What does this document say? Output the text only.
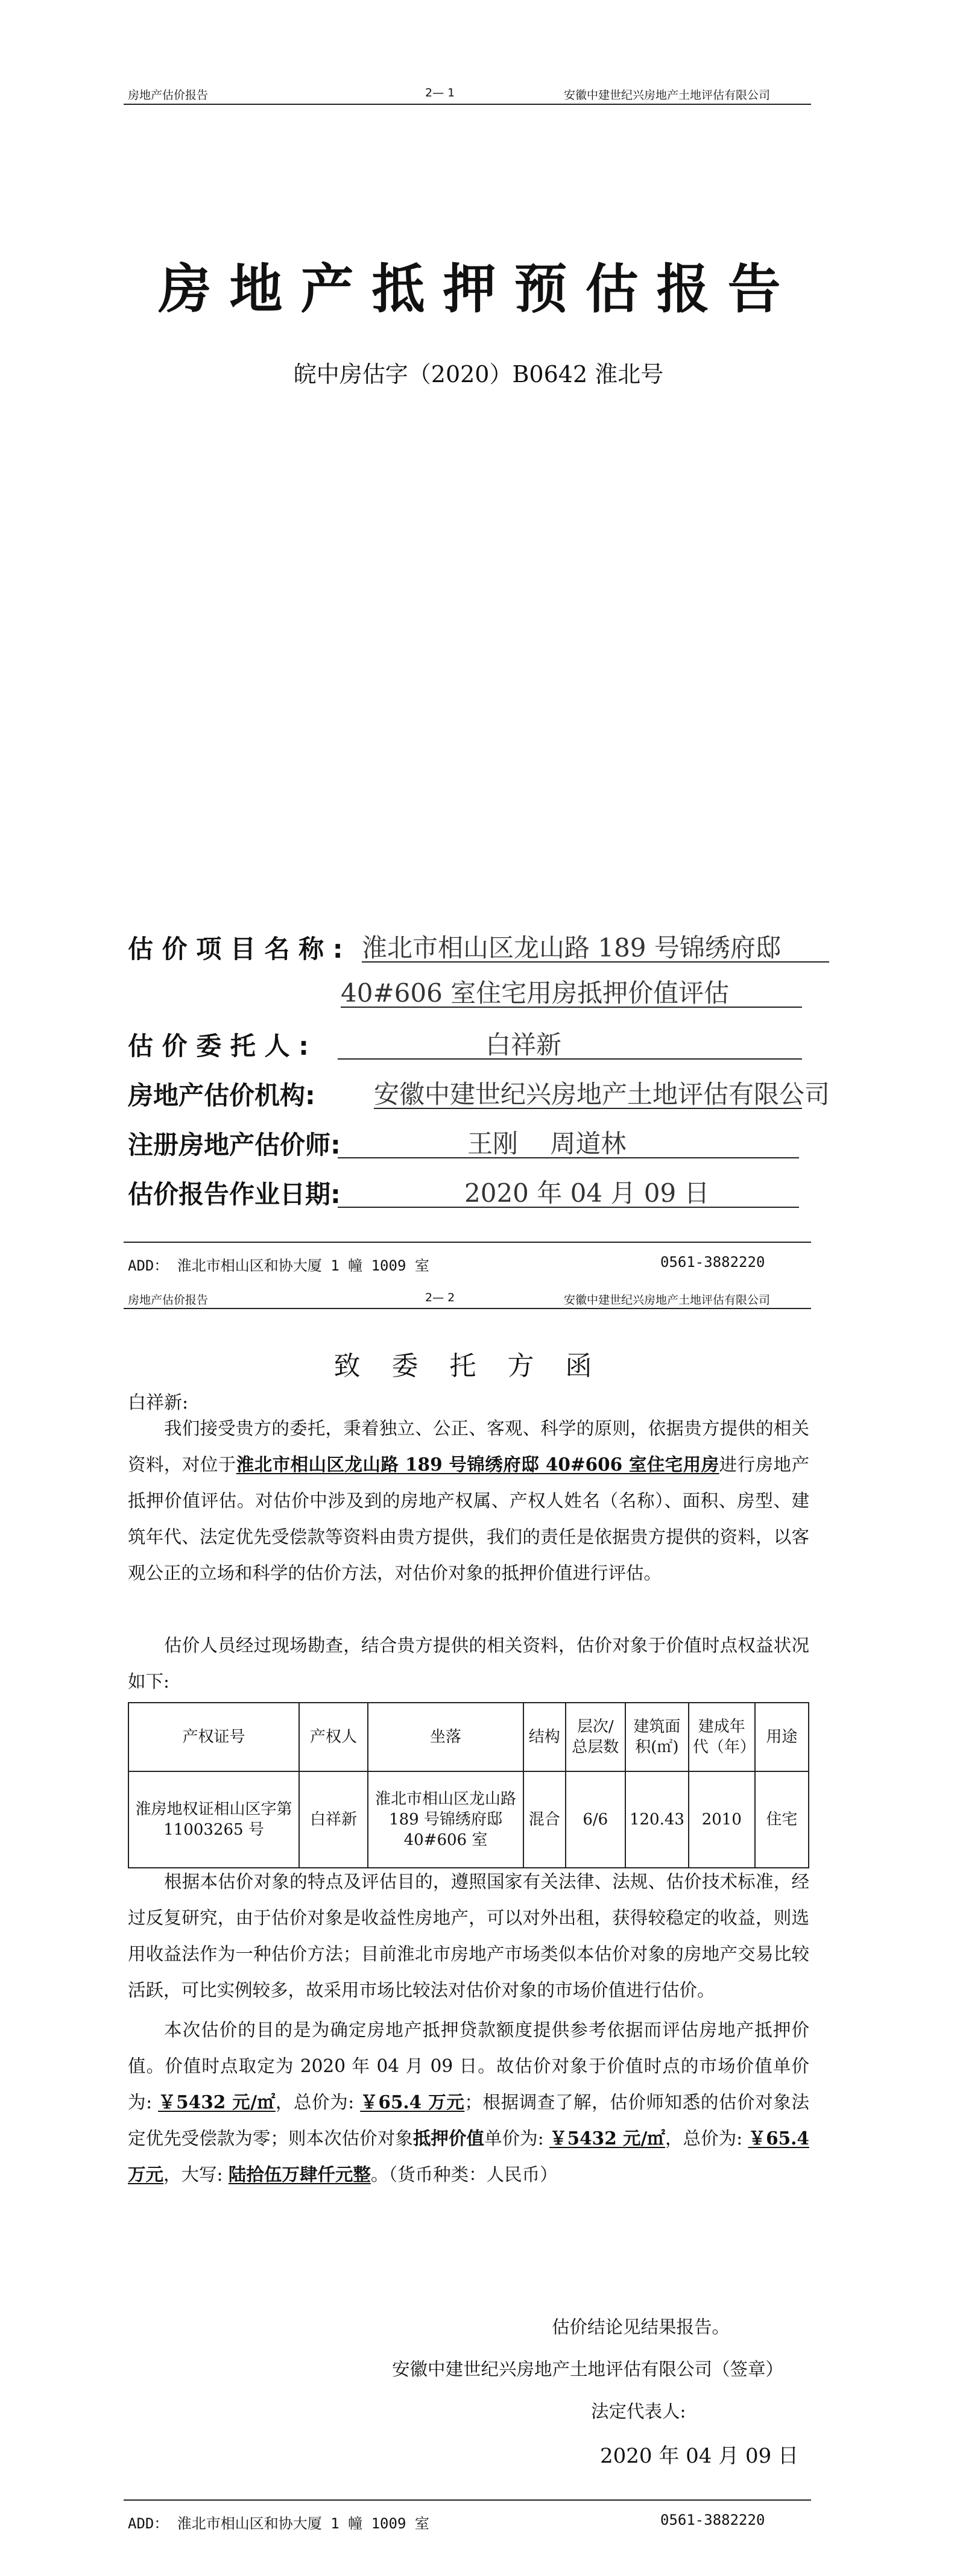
房地产估价报告	2— 1	安徽中建世纪兴房地产土地评估有限公司
房地产抵押预估报告
皖中房估字（2020）B0642 淮北号
估 价 项 目 名 称 : 淮北市相山区龙山路 189 号锦绣府邸
40#606 室住宅用房抵押价值评估
估 价 委 托 人 :	白祥新
房地产估价机构: 安徽中建世纪兴房地产土地评估有限公司
注册房地产估价师:	王刚    周道林
估价报告作业日期:	2020 年 04 月 09 日
ADD： 淮北市相山区和协大厦 1 幢 1009 室	0561-3882220
房地产估价报告	2— 2	安徽中建世纪兴房地产土地评估有限公司
致委托方函
白祥新:
我们接受贵方的委托，秉着独立、公正、客观、科学的原则，依据贵方提供的相关资料，对位于淮北市相山区龙山路 189 号锦绣府邸 40#606 室住宅用房进行房地产抵押价值评估。对估价中涉及到的房地产权属、产权人姓名（名称）、面积、房型、建筑年代、法定优先受偿款等资料由贵方提供，我们的责任是依据贵方提供的资料，以客观公正的立场和科学的估价方法，对估价对象的抵押价值进行评估。
估价人员经过现场勘查，结合贵方提供的相关资料，估价对象于价值时点权益状况如下:
产权证号	产权人	坐落	结构	层次/总层数	建筑面积(㎡)	建成年代（年）	用途
淮房地权证相山区字第 11003265 号	白祥新	淮北市相山区龙山路 189 号锦绣府邸 40#606 室	混合	6/6	120.43	2010	住宅
根据本估价对象的特点及评估目的，遵照国家有关法律、法规、估价技术标准，经过反复研究，由于估价对象是收益性房地产，可以对外出租，获得较稳定的收益，则选用收益法作为一种估价方法；目前淮北市房地产市场类似本估价对象的房地产交易比较活跃，可比实例较多，故采用市场比较法对估价对象的市场价值进行估价。
本次估价的目的是为确定房地产抵押贷款额度提供参考依据而评估房地产抵押价值。价值时点取定为 2020 年 04 月 09 日。故估价对象于价值时点的市场价值单价为: ￥5432 元/㎡，总价为: ￥65.4 万元；根据调查了解，估价师知悉的估价对象法定优先受偿款为零；则本次估价对象抵押价值单价为: ￥5432 元/㎡，总价为: ￥65.4 万元，大写: 陆拾伍万肆仟元整。（货币种类：人民币）
估价结论见结果报告。
安徽中建世纪兴房地产土地评估有限公司（签章）
法定代表人:
2020 年 04 月 09 日
ADD： 淮北市相山区和协大厦 1 幢 1009 室	0561-3882220
